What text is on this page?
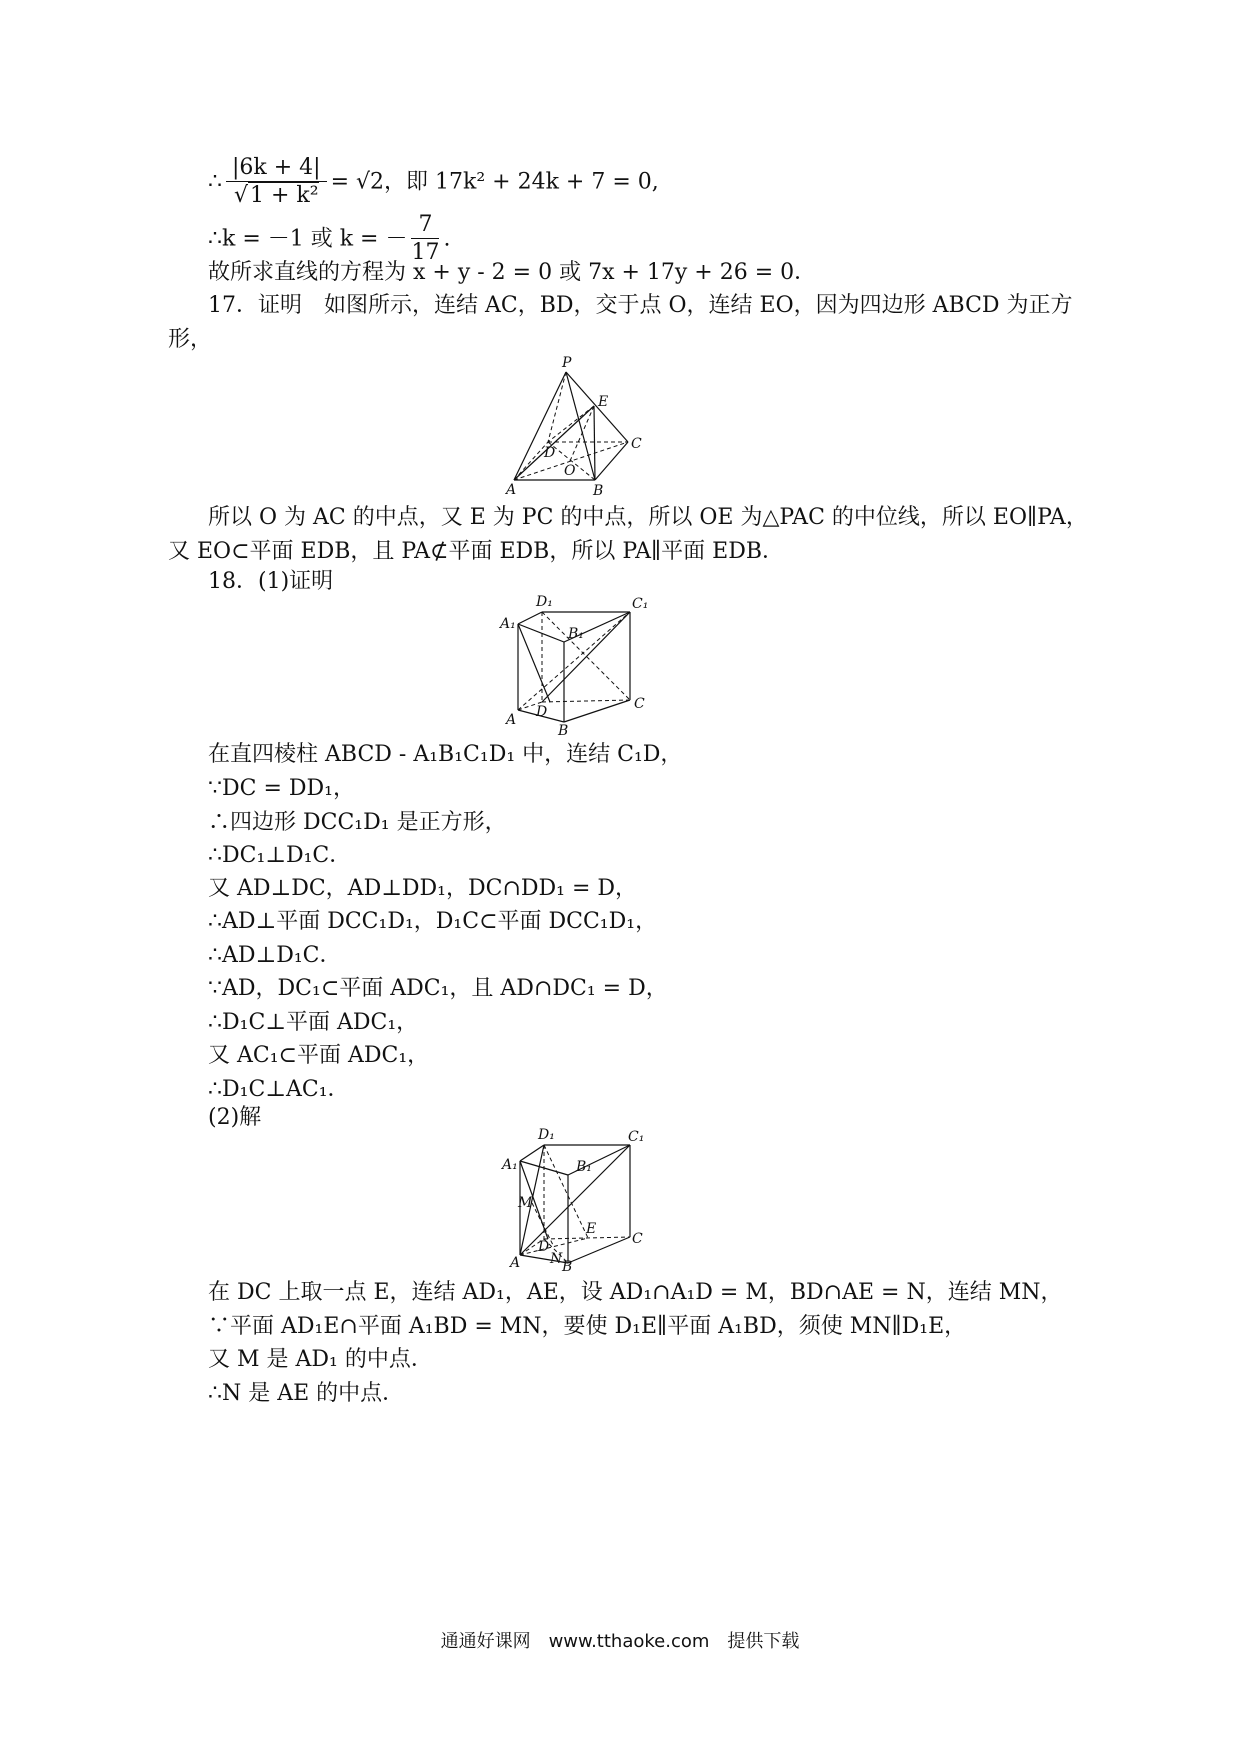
∴ $\frac{|6k + 4|}{\text{√1 + k²}} = √2$，即 17k² + 24k + 7 = 0,
∴k = －1 或 k = － $\frac{7}{17}$ .
故所求直线的方程为 x + y - 2 = 0 或 7x + 17y + 26 = 0．
17．证明　如图所示，连结 AC，BD，交于点 O，连结 EO，因为四边形 ABCD 为正方
形，
P
E
C
D
O
A	B
所以 O 为 AC 的中点，又 E 为 PC 的中点，所以 OE 为△PAC 的中位线，所以 EO∥PA，
又 EO⊂平面 EDB，且 PA⊄平面 EDB，所以 PA∥平面 EDB．
18．(1)证明
D₁	C₁
A₁
B₁
C
A D
B
在直四棱柱 ABCD - A₁B₁C₁D₁ 中，连结 C₁D，
∵DC = DD₁，
∴四边形 DCC₁D₁ 是正方形，
∴DC₁⊥D₁C．
又 AD⊥DC，AD⊥DD₁，DC∩DD₁ = D，
∴AD⊥平面 DCC₁D₁，D₁C⊂平面 DCC₁D₁，
∴AD⊥D₁C．
∵AD，DC₁⊂平面 ADC₁，且 AD∩DC₁ = D，
∴D₁C⊥平面 ADC₁，
又 AC₁⊂平面 ADC₁，
∴D₁C⊥AC₁．
(2)解
D₁	C₁
A₁	B₁
M
E
C
A
D
N B
在 DC 上取一点 E，连结 AD₁，AE，设 AD₁∩A₁D = M，BD∩AE = N，连结 MN，
∵平面 AD₁E∩平面 A₁BD = MN，要使 D₁E∥平面 A₁BD，须使 MN∥D₁E，
又 M 是 AD₁ 的中点．
∴N 是 AE 的中点．
通通好课网　www.tthaoke.com　提供下载
